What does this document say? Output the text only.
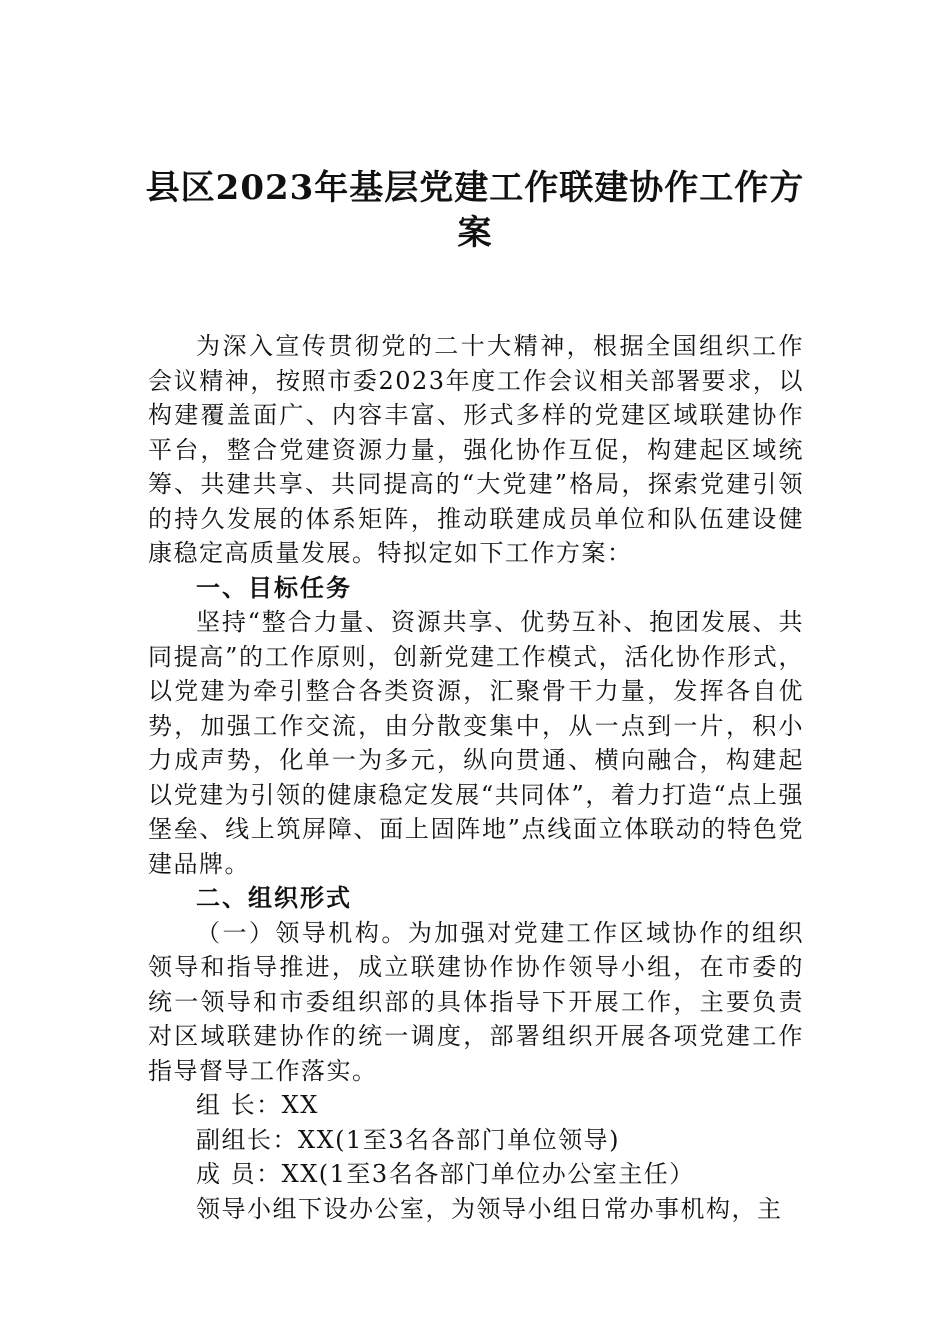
县区2023年基层党建工作联建协作工作方
案

为深入宣传贯彻党的二十大精神，根据全国组织工作会议精神，按照市委2023年度工作会议相关部署要求，以构建覆盖面广、内容丰富、形式多样的党建区域联建协作平台，整合党建资源力量，强化协作互促，构建起区域统筹、共建共享、共同提高的“大党建”格局，探索党建引领的持久发展的体系矩阵，推动联建成员单位和队伍建设健康稳定高质量发展。特拟定如下工作方案：

一、目标任务

坚持“整合力量、资源共享、优势互补、抱团发展、共同提高”的工作原则，创新党建工作模式，活化协作形式，以党建为牵引整合各类资源，汇聚骨干力量，发挥各自优势，加强工作交流，由分散变集中，从一点到一片，积小力成声势，化单一为多元，纵向贯通、横向融合，构建起以党建为引领的健康稳定发展“共同体”，着力打造“点上强堡垒、线上筑屏障、面上固阵地”点线面立体联动的特色党建品牌。

二、组织形式

（一）领导机构。为加强对党建工作区域协作的组织领导和指导推进，成立联建协作协作领导小组，在市委的统一领导和市委组织部的具体指导下开展工作，主要负责对区域联建协作的统一调度，部署组织开展各项党建工作指导督导工作落实。

组 长：XX

副组长：XX(1至3名各部门单位领导)

成 员：XX(1至3名各部门单位办公室主任）

领导小组下设办公室，为领导小组日常办事机构，主
